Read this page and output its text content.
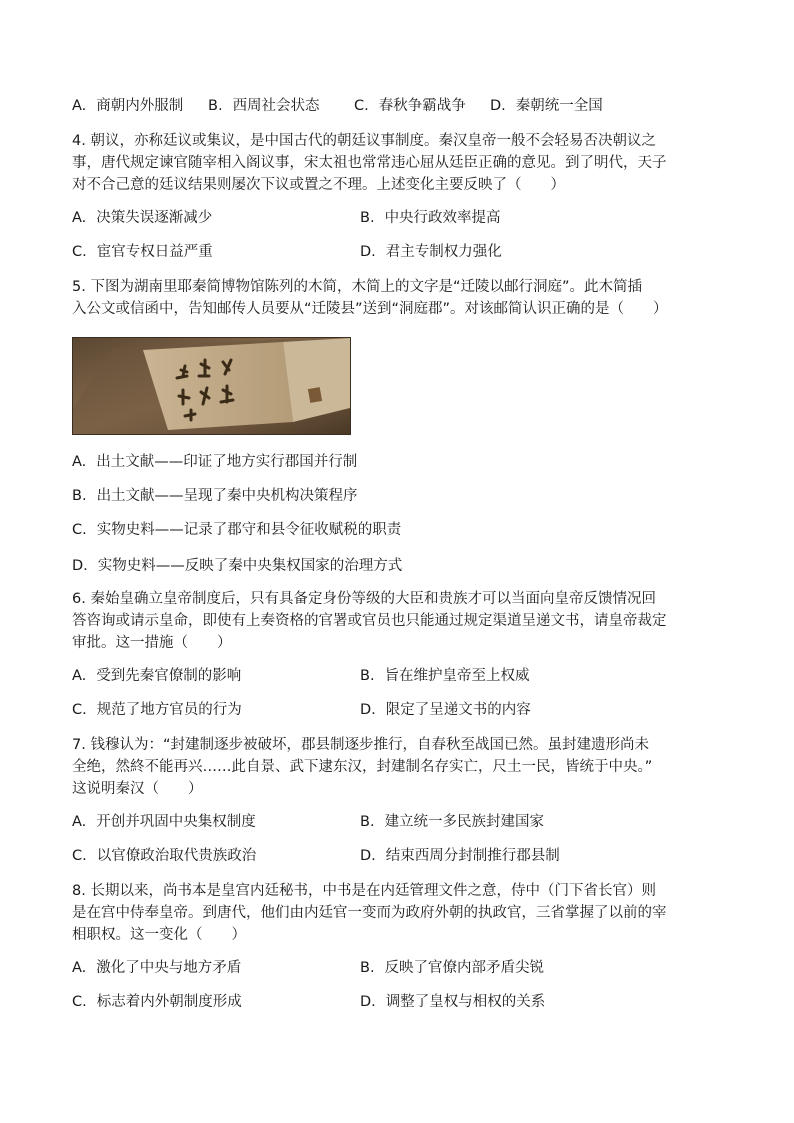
A. 商朝内外服制 B. 西周社会状态 C. 春秋争霸战争 D. 秦朝统一全国
4. 朝议，亦称廷议或集议，是中国古代的朝廷议事制度。秦汉皇帝一般不会轻易否决朝议之
事，唐代规定谏官随宰相入阁议事，宋太祖也常常违心屈从廷臣正确的意见。到了明代，天子
对不合己意的廷议结果则屡次下议或置之不理。上述变化主要反映了（　　）
A. 决策失误逐渐减少	B. 中央行政效率提高
C. 宦官专权日益严重	D. 君主专制权力强化
5. 下图为湖南里耶秦简博物馆陈列的木简，木简上的文字是“迁陵以邮行洞庭”。此木简插
入公文或信函中，告知邮传人员要从“迁陵县”送到“洞庭郡”。对该邮简认识正确的是（　　）
A. 出土文献——印证了地方实行郡国并行制
B. 出土文献——呈现了秦中央机构决策程序
C. 实物史料——记录了郡守和县令征收赋税的职责
D. 实物史料——反映了秦中央集权国家的治理方式
6. 秦始皇确立皇帝制度后，只有具备定身份等级的大臣和贵族才可以当面向皇帝反馈情况回
答咨询或请示皇命，即使有上奏资格的官署或官员也只能通过规定渠道呈递文书，请皇帝裁定
审批。这一措施（　　）
A. 受到先秦官僚制的影响	B. 旨在维护皇帝至上权威
C. 规范了地方官员的行为	D. 限定了呈递文书的内容
7. 钱穆认为：“封建制逐步被破坏，郡县制逐步推行，自春秋至战国已然。虽封建遗形尚未
全绝，然終不能再兴……此自景、武下逮东汉，封建制名存实亡，尺土一民，皆统于中央。”
这说明秦汉（　　）
A. 开创并巩固中央集权制度	B. 建立统一多民族封建国家
C. 以官僚政治取代贵族政治	D. 结束西周分封制推行郡县制
8. 长期以来，尚书本是皇宫内廷秘书，中书是在内廷管理文件之意，侍中（门下省长官）则
是在宫中侍奉皇帝。到唐代，他们由内廷官一变而为政府外朝的执政官，三省掌握了以前的宰
相职权。这一变化（　　）
A. 激化了中央与地方矛盾	B. 反映了官僚内部矛盾尖锐
C. 标志着内外朝制度形成	D. 调整了皇权与相权的关系
